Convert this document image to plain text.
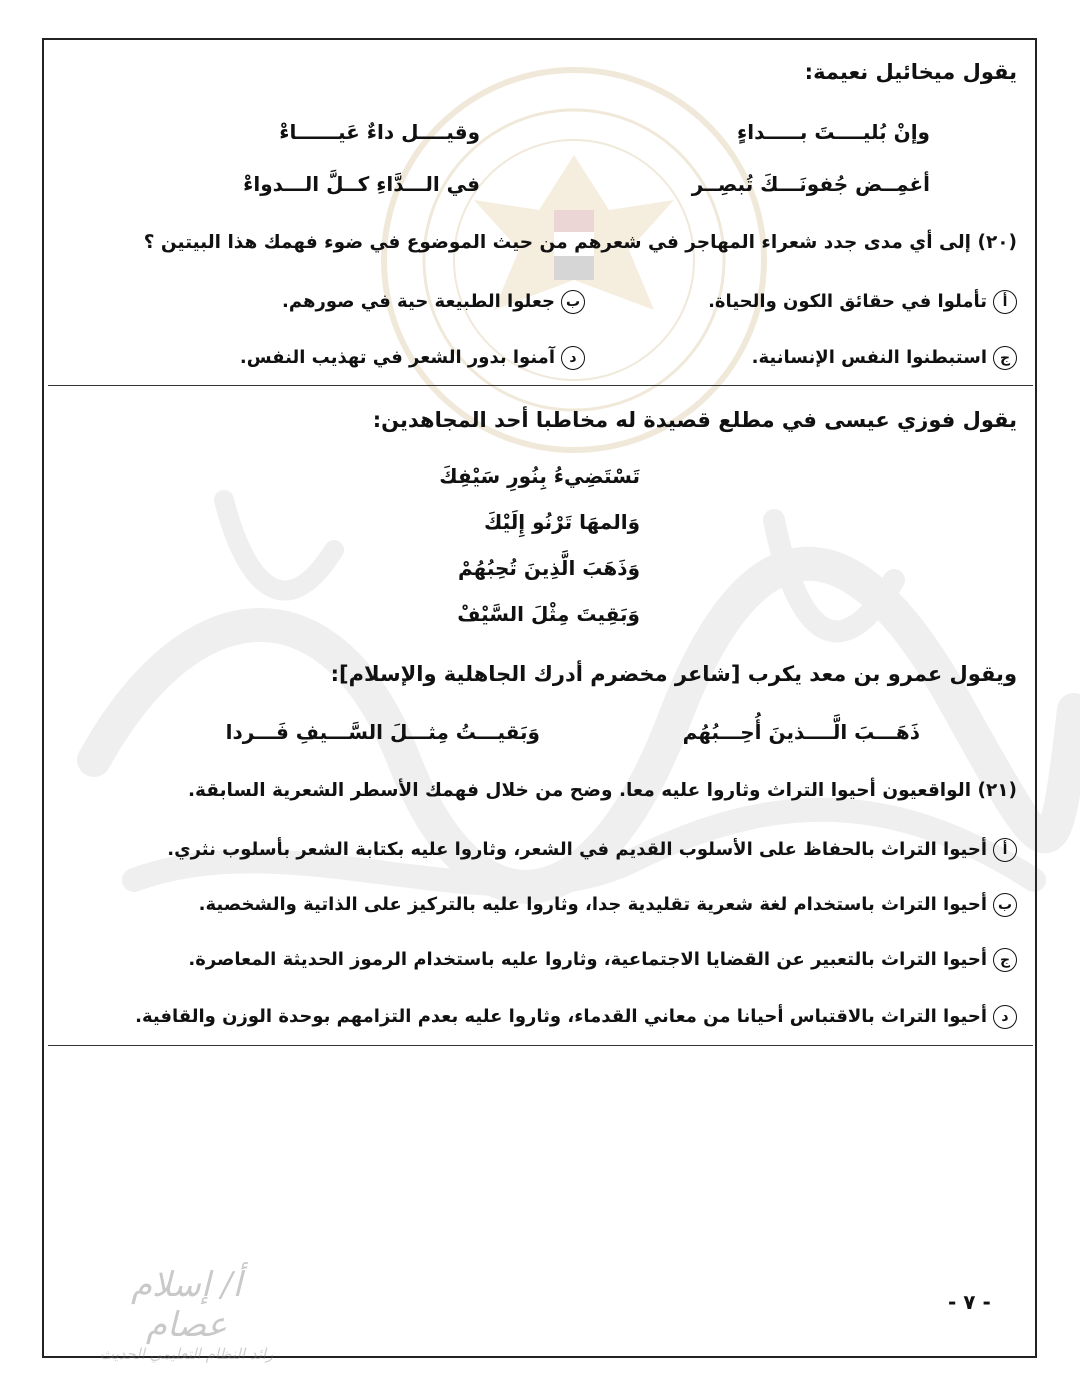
يقول ميخائيل نعيمة:
وإنْ بُليــــتَ بـــــداءٍ
وقيــــل داءٌ عَيــــــاءْ
أغمِــض جُفونَـــكَ تُبصِــر
في الـــدَّاءِ كــلَّ الـــدواءْ
(٢٠) إلى أي مدى جدد شعراء المهاجر في شعرهم من حيث الموضوع في ضوء فهمك هذا البيتين ؟
أتأملوا في حقائق الكون والحياة.
بجعلوا الطبيعة حية في صورهم.
جاستبطنوا النفس الإنسانية.
دآمنوا بدور الشعر في تهذيب النفس.
يقول فوزي عيسى في مطلع قصيدة له مخاطبا أحد المجاهدين:
تَسْتَضِيءُ بِنُورِ سَيْفِكَ
وَالمهَا تَرْنُو إِلَيْكَ
وَذَهَبَ الَّذِينَ تُحِبُهُمْ
وَبَقِيتَ مِثْلَ السَّيْفْ
ويقول عمرو بن معد يكرب [شاعر مخضرم أدرك الجاهلية والإسلام]:
ذَهَـــبَ الَّــــذينَ أُحِـــبُهُم
وَبَقيـــتُ مِثـــلَ السَّـــيفِ فَـــردا
(٢١) الواقعيون أحيوا التراث وثاروا عليه معا. وضح من خلال فهمك الأسطر الشعرية السابقة.
أأحيوا التراث بالحفاظ على الأسلوب القديم في الشعر، وثاروا عليه بكتابة الشعر بأسلوب نثري.
بأحيوا التراث باستخدام لغة شعرية تقليدية جدا، وثاروا عليه بالتركيز على الذاتية والشخصية.
جأحيوا التراث بالتعبير عن القضايا الاجتماعية، وثاروا عليه باستخدام الرموز الحديثة المعاصرة.
دأحيوا التراث بالاقتباس أحيانا من معاني القدماء، وثاروا عليه بعدم التزامهم بوحدة الوزن والقافية.
أ/ إسلام عصام
رائد النظام التعليمي الحديث
- ٧ -
